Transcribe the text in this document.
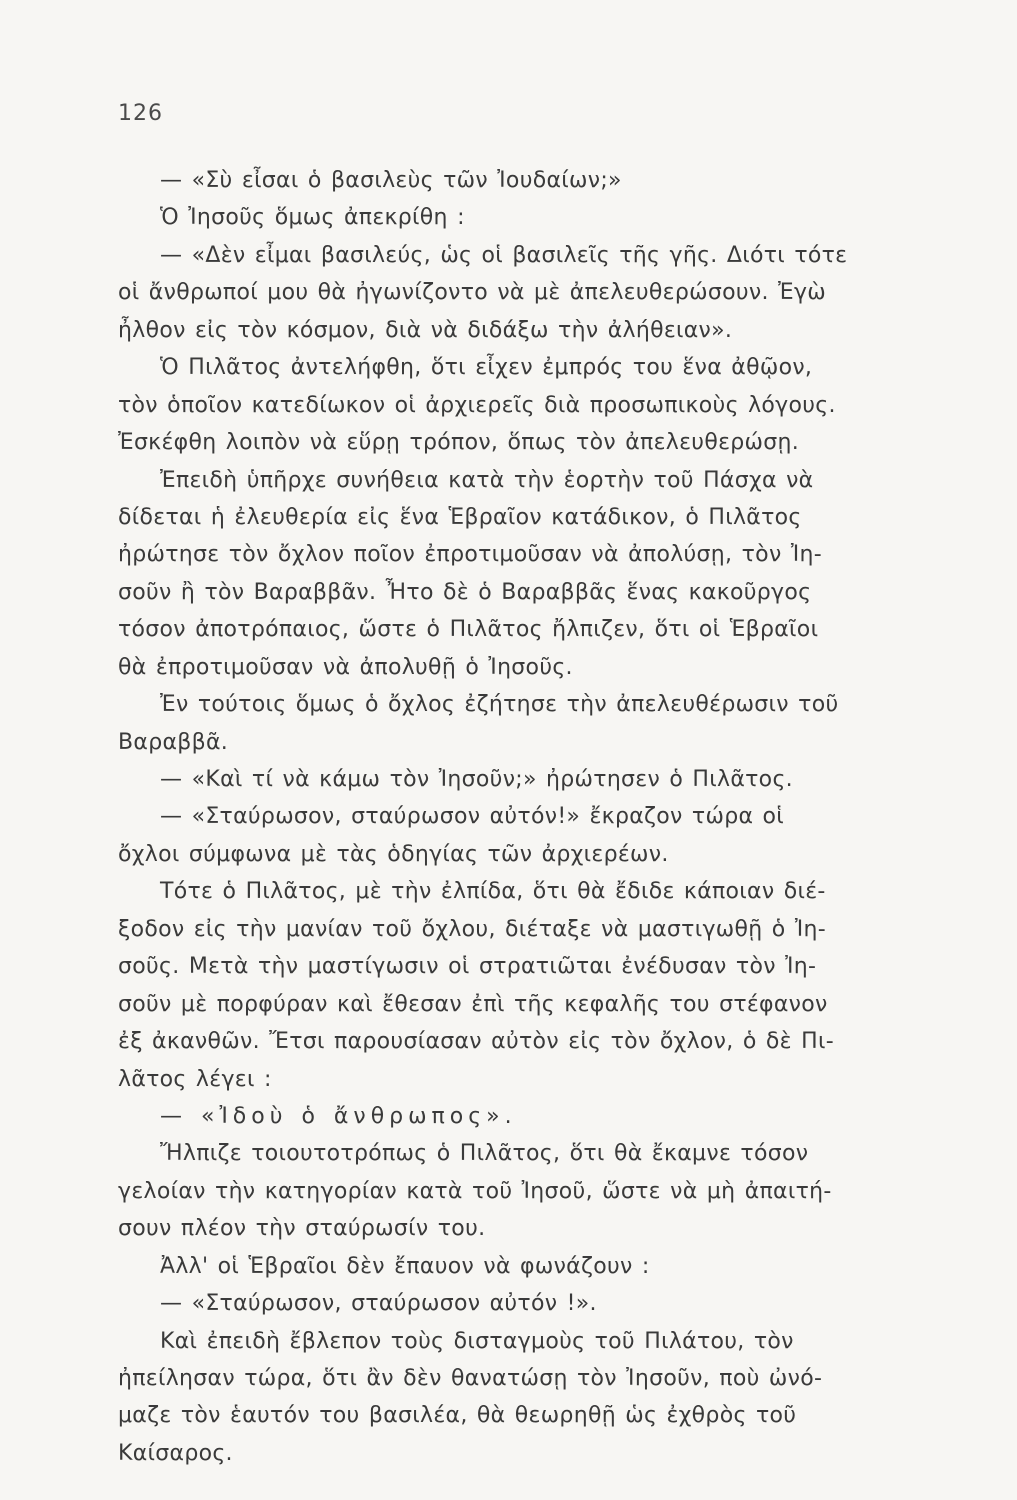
126
— «Σὺ εἶσαι ὁ βασιλεὺς τῶν Ἰουδαίων;»
Ὁ Ἰησοῦς ὅμως ἀπεκρίθη :
— «Δὲν εἶμαι βασιλεύς, ὡς οἱ βασιλεῖς τῆς γῆς. Διότι τότε
οἱ ἄνθρωποί μου θὰ ἠγωνίζοντο νὰ μὲ ἀπελευθερώσουν. Ἐγὼ
ἦλθον εἰς τὸν κόσμον, διὰ νὰ διδάξω τὴν ἀλήθειαν».
Ὁ Πιλᾶτος ἀντελήφθη, ὅτι εἶχεν ἐμπρός του ἕνα ἀθῷον,
τὸν ὁποῖον κατεδίωκον οἱ ἀρχιερεῖς διὰ προσωπικοὺς λόγους.
Ἐσκέφθη λοιπὸν νὰ εὕρῃ τρόπον, ὅπως τὸν ἀπελευθερώσῃ.
Ἐπειδὴ ὑπῆρχε συνήθεια κατὰ τὴν ἑορτὴν τοῦ Πάσχα νὰ
δίδεται ἡ ἐλευθερία εἰς ἕνα Ἑβραῖον κατάδικον, ὁ Πιλᾶτος
ἠρώτησε τὸν ὄχλον ποῖον ἐπροτιμοῦσαν νὰ ἀπολύσῃ, τὸν Ἰη-
σοῦν ἢ τὸν Βαραββᾶν. Ἦτο δὲ ὁ Βαραββᾶς ἕνας κακοῦργος
τόσον ἀποτρόπαιος, ὥστε ὁ Πιλᾶτος ἤλπιζεν, ὅτι οἱ Ἑβραῖοι
θὰ ἐπροτιμοῦσαν νὰ ἀπολυθῇ ὁ Ἰησοῦς.
Ἐν τούτοις ὅμως ὁ ὄχλος ἐζήτησε τὴν ἀπελευθέρωσιν τοῦ
Βαραββᾶ.
— «Καὶ τί νὰ κάμω τὸν Ἰησοῦν;» ἠρώτησεν ὁ Πιλᾶτος.
— «Σταύρωσον, σταύρωσον αὐτόν!» ἔκραζον τώρα οἱ
ὄχλοι σύμφωνα μὲ τὰς ὁδηγίας τῶν ἀρχιερέων.
Τότε ὁ Πιλᾶτος, μὲ τὴν ἐλπίδα, ὅτι θὰ ἔδιδε κάποιαν διέ-
ξοδον εἰς τὴν μανίαν τοῦ ὄχλου, διέταξε νὰ μαστιγωθῇ ὁ Ἰη-
σοῦς. Μετὰ τὴν μαστίγωσιν οἱ στρατιῶται ἐνέδυσαν τὸν Ἰη-
σοῦν μὲ πορφύραν καὶ ἔθεσαν ἐπὶ τῆς κεφαλῆς του στέφανον
ἐξ ἀκανθῶν. Ἔτσι παρουσίασαν αὐτὸν εἰς τὸν ὄχλον, ὁ δὲ Πι-
λᾶτος λέγει :
— «Ἰδοὺ ὁ ἄνθρωπος».
Ἤλπιζε τοιουτοτρόπως ὁ Πιλᾶτος, ὅτι θὰ ἔκαμνε τόσον
γελοίαν τὴν κατηγορίαν κατὰ τοῦ Ἰησοῦ, ὥστε νὰ μὴ ἀπαιτή-
σουν πλέον τὴν σταύρωσίν του.
Ἀλλ' οἱ Ἑβραῖοι δὲν ἔπαυον νὰ φωνάζουν :
— «Σταύρωσον, σταύρωσον αὐτόν !».
Καὶ ἐπειδὴ ἔβλεπον τοὺς δισταγμοὺς τοῦ Πιλάτου, τὸν
ἠπείλησαν τώρα, ὅτι ἂν δὲν θανατώσῃ τὸν Ἰησοῦν, ποὺ ὠνό-
μαζε τὸν ἑαυτόν του βασιλέα, θὰ θεωρηθῇ ὡς ἐχθρὸς τοῦ
Καίσαρος.
